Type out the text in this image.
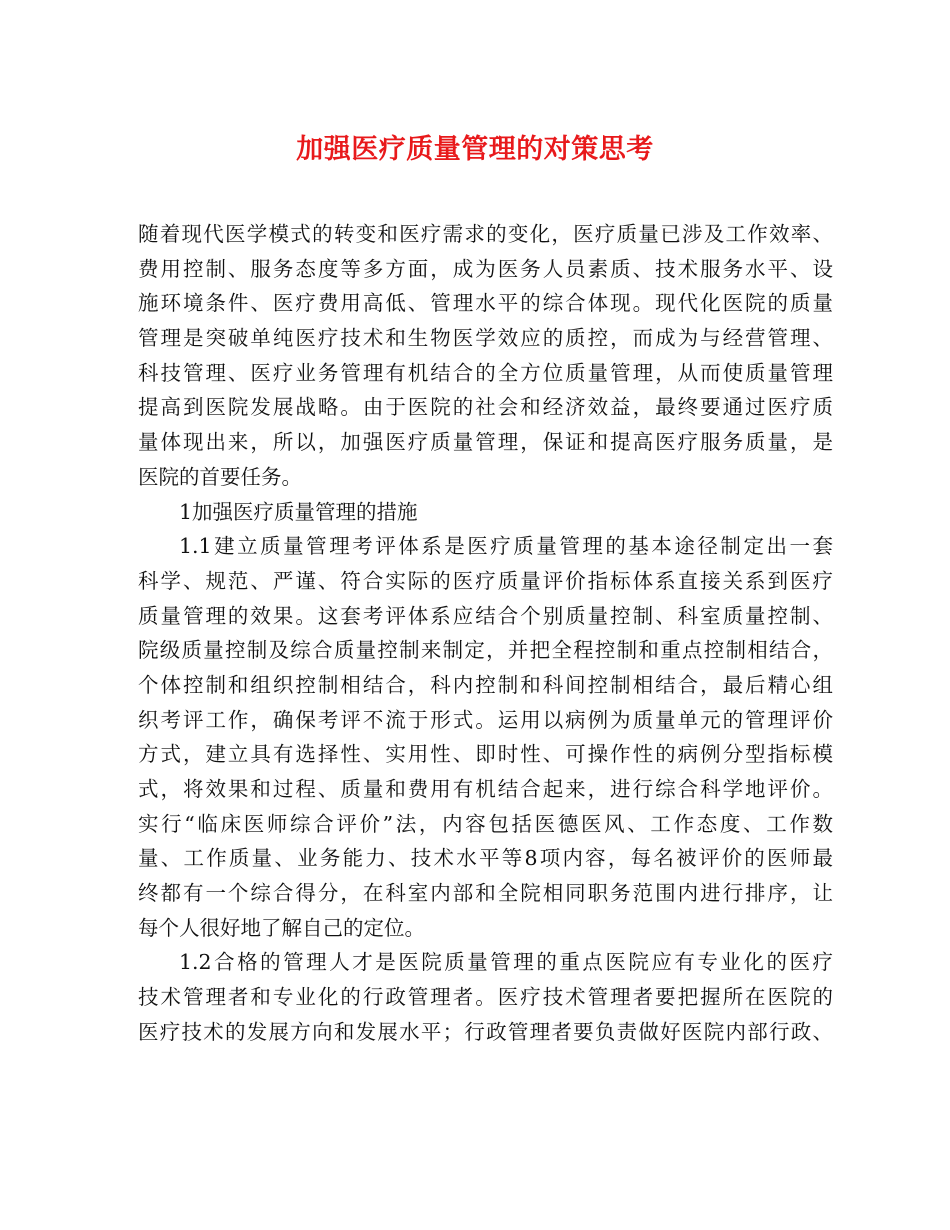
加强医疗质量管理的对策思考
随着现代医学模式的转变和医疗需求的变化，医疗质量已涉及工作效率、
费用控制、服务态度等多方面，成为医务人员素质、技术服务水平、设
施环境条件、医疗费用高低、管理水平的综合体现。现代化医院的质量
管理是突破单纯医疗技术和生物医学效应的质控，而成为与经营管理、
科技管理、医疗业务管理有机结合的全方位质量管理，从而使质量管理
提高到医院发展战略。由于医院的社会和经济效益，最终要通过医疗质
量体现出来，所以，加强医疗质量管理，保证和提高医疗服务质量，是
医院的首要任务。
1加强医疗质量管理的措施
1.1建立质量管理考评体系是医疗质量管理的基本途径制定出一套
科学、规范、严谨、符合实际的医疗质量评价指标体系直接关系到医疗
质量管理的效果。这套考评体系应结合个别质量控制、科室质量控制、
院级质量控制及综合质量控制来制定，并把全程控制和重点控制相结合，
个体控制和组织控制相结合，科内控制和科间控制相结合，最后精心组
织考评工作，确保考评不流于形式。运用以病例为质量单元的管理评价
方式，建立具有选择性、实用性、即时性、可操作性的病例分型指标模
式，将效果和过程、质量和费用有机结合起来，进行综合科学地评价。
实行“临床医师综合评价”法，内容包括医德医风、工作态度、工作数
量、工作质量、业务能力、技术水平等8项内容，每名被评价的医师最
终都有一个综合得分，在科室内部和全院相同职务范围内进行排序，让
每个人很好地了解自己的定位。
1.2合格的管理人才是医院质量管理的重点医院应有专业化的医疗
技术管理者和专业化的行政管理者。医疗技术管理者要把握所在医院的
医疗技术的发展方向和发展水平；行政管理者要负责做好医院内部行政、
